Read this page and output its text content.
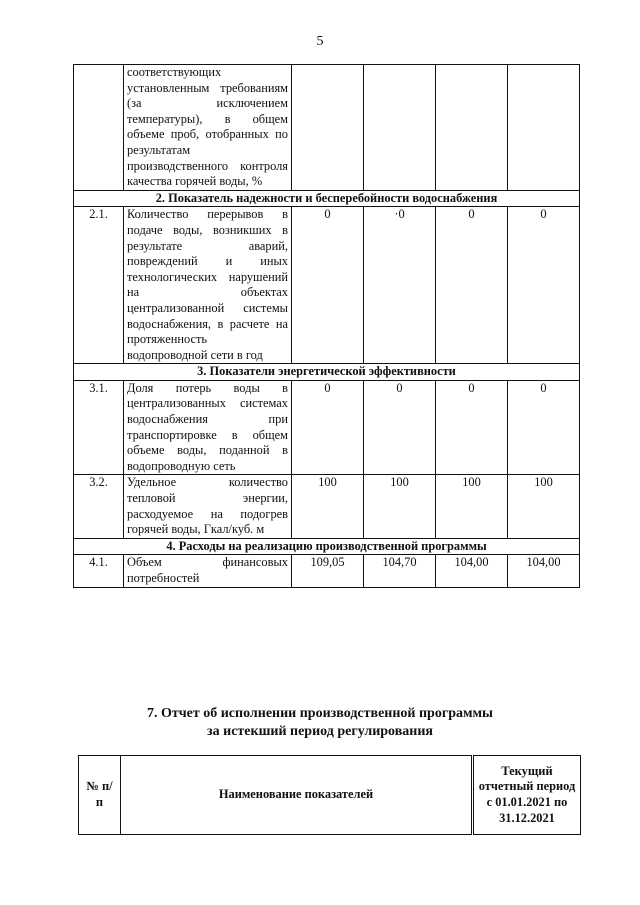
5
	соответствующих установленным требованиям (за исключением температуры), в общем объеме проб, отобранных по результатам производственного контроля качества горячей воды, %				
2. Показатель надежности и бесперебойности водоснабжения					
2.1.	Количество перерывов в подаче воды, возникших в результате аварий, повреждений и иных технологических нарушений на объектах централизованной системы водоснабжения, в расчете на протяженность водопроводной сети в год	0	·0	0	0
3. Показатели энергетической эффективности					
3.1.	Доля потерь воды в централизованных системах водоснабжения при транспортировке в общем объеме воды, поданной в водопроводную сеть	0	0	0	0
3.2.	Удельное количество тепловой энергии, расходуемое на подогрев горячей воды, Гкал/куб. м	100	100	100	100
4. Расходы на реализацию производственной программы					
4.1.	Объем финансовых потребностей	109,05	104,70	104,00	104,00
7. Отчет об исполнении производственной программы
за истекший период регулирования
№ п/п	Наименование показателей	Текущий отчетный период с 01.01.2021 по 31.12.2021
